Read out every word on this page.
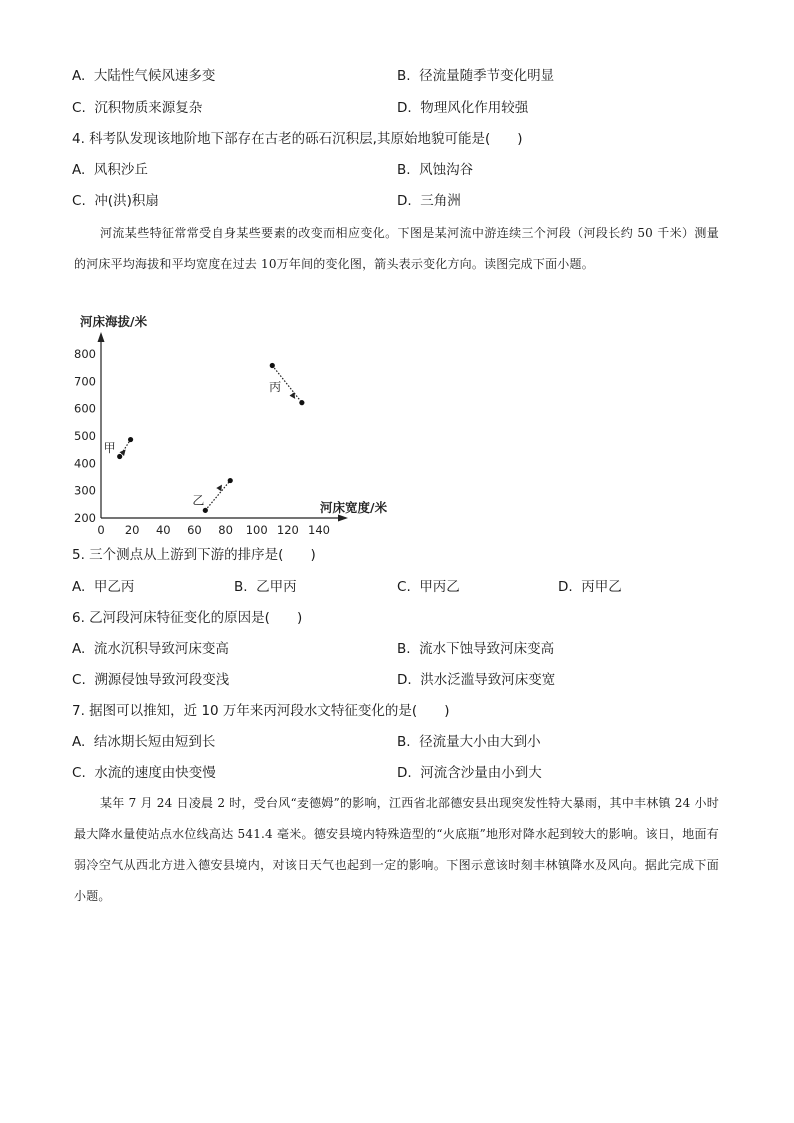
A.  大陆性气候风速多变	B.  径流量随季节变化明显
C.  沉积物质来源复杂	D.  物理风化作用较强
4. 科考队发现该地阶地下部存在古老的砾石沉积层,其原始地貌可能是(　　)
A.  风积沙丘	B.  风蚀沟谷
C.  冲(洪)积扇	D.  三角洲

河流某些特征常常受自身某些要素的改变而相应变化。下图是某河流中游连续三个河段（河段长约 50 千米）测量的河床平均海拔和平均宽度在过去 10万年间的变化图，箭头表示变化方向。读图完成下面小题。

河床海拔/米
河床宽度/米
200
300
400
500
600
700
800
0 20 40 60 80 100 120 140
甲
乙
丙
5. 三个测点从上游到下游的排序是(　　)
A.  甲乙丙	B.  乙甲丙	C.  甲丙乙	D.  丙甲乙
6. 乙河段河床特征变化的原因是(　　)
A.  流水沉积导致河床变高	B.  流水下蚀导致河床变高
C.  溯源侵蚀导致河段变浅	D.  洪水泛滥导致河床变宽
7. 据图可以推知，近 10 万年来丙河段水文特征变化的是(　　)
A.  结冰期长短由短到长	B.  径流量大小由大到小
C.  水流的速度由快变慢	D.  河流含沙量由小到大

某年 7 月 24 日凌晨 2 时，受台风“麦德姆”的影响，江西省北部德安县出现突发性特大暴雨，其中丰林镇 24 小时最大降水量使站点水位线高达 541.4 毫米。德安县境内特殊造型的“火底瓶”地形对降水起到较大的影响。该日，地面有弱冷空气从西北方进入德安县境内，对该日天气也起到一定的影响。下图示意该时刻丰林镇降水及风向。据此完成下面小题。
